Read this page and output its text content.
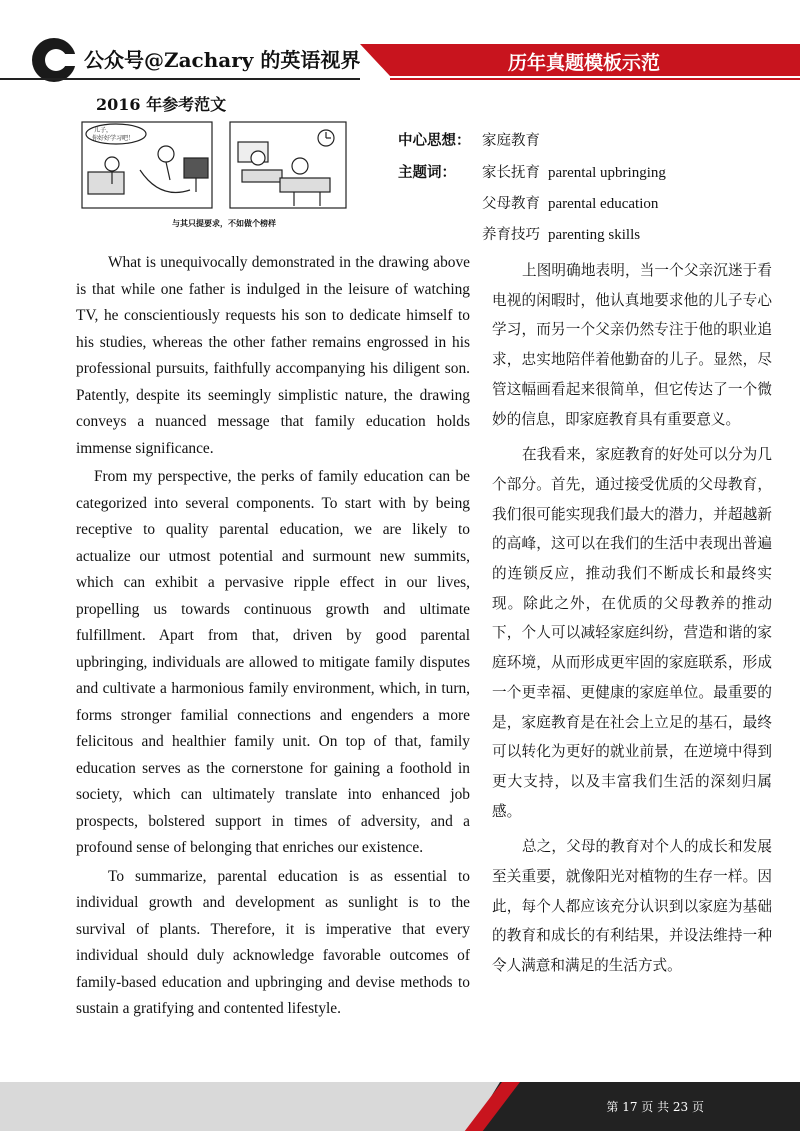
公众号@Zachary 的英语视界	历年真题模板示范
2016 年参考范文
儿子，
你好好学习吧！
与其只提要求，不如做个榜样
中心思想： 家庭教育
主题词： 家长抚育 parental upbringing
父母教育 parental education
养育技巧 parenting skills

What is unequivocally demonstrated in the drawing above is that while one father is indulged in the leisure of watching TV, he conscientiously requests his son to dedicate himself to his studies, whereas the other father remains engrossed in his professional pursuits, faithfully accompanying his diligent son. Patently, despite its seemingly simplistic nature, the drawing conveys a nuanced message that family education holds immense significance.

From my perspective, the perks of family education can be categorized into several components. To start with by being receptive to quality parental education, we are likely to actualize our utmost potential and surmount new summits, which can exhibit a pervasive ripple effect in our lives, propelling us towards continuous growth and ultimate fulfillment. Apart from that, driven by good parental upbringing, individuals are allowed to mitigate family disputes and cultivate a harmonious family environment, which, in turn, forms stronger familial connections and engenders a more felicitous and healthier family unit. On top of that, family education serves as the cornerstone for gaining a foothold in society, which can ultimately translate into enhanced job prospects, bolstered support in times of adversity, and a profound sense of belonging that enriches our existence.

To summarize, parental education is as essential to individual growth and development as sunlight is to the survival of plants. Therefore, it is imperative that every individual should duly acknowledge favorable outcomes of family-based education and upbringing and devise methods to sustain a gratifying and contented lifestyle.

上图明确地表明，当一个父亲沉迷于看电视的闲暇时，他认真地要求他的儿子专心学习，而另一个父亲仍然专注于他的职业追求，忠实地陪伴着他勤奋的儿子。显然，尽管这幅画看起来很简单，但它传达了一个微妙的信息，即家庭教育具有重要意义。

在我看来，家庭教育的好处可以分为几个部分。首先，通过接受优质的父母教育，我们很可能实现我们最大的潜力，并超越新的高峰，这可以在我们的生活中表现出普遍的连锁反应，推动我们不断成长和最终实现。除此之外，在优质的父母教养的推动下，个人可以减轻家庭纠纷，营造和谐的家庭环境，从而形成更牢固的家庭联系，形成一个更幸福、更健康的家庭单位。最重要的是，家庭教育是在社会上立足的基石，最终可以转化为更好的就业前景，在逆境中得到更大支持，以及丰富我们生活的深刻归属感。

总之，父母的教育对个人的成长和发展至关重要，就像阳光对植物的生存一样。因此，每个人都应该充分认识到以家庭为基础的教育和成长的有利结果，并设法维持一种令人满意和满足的生活方式。

第 17 页 共 23 页
